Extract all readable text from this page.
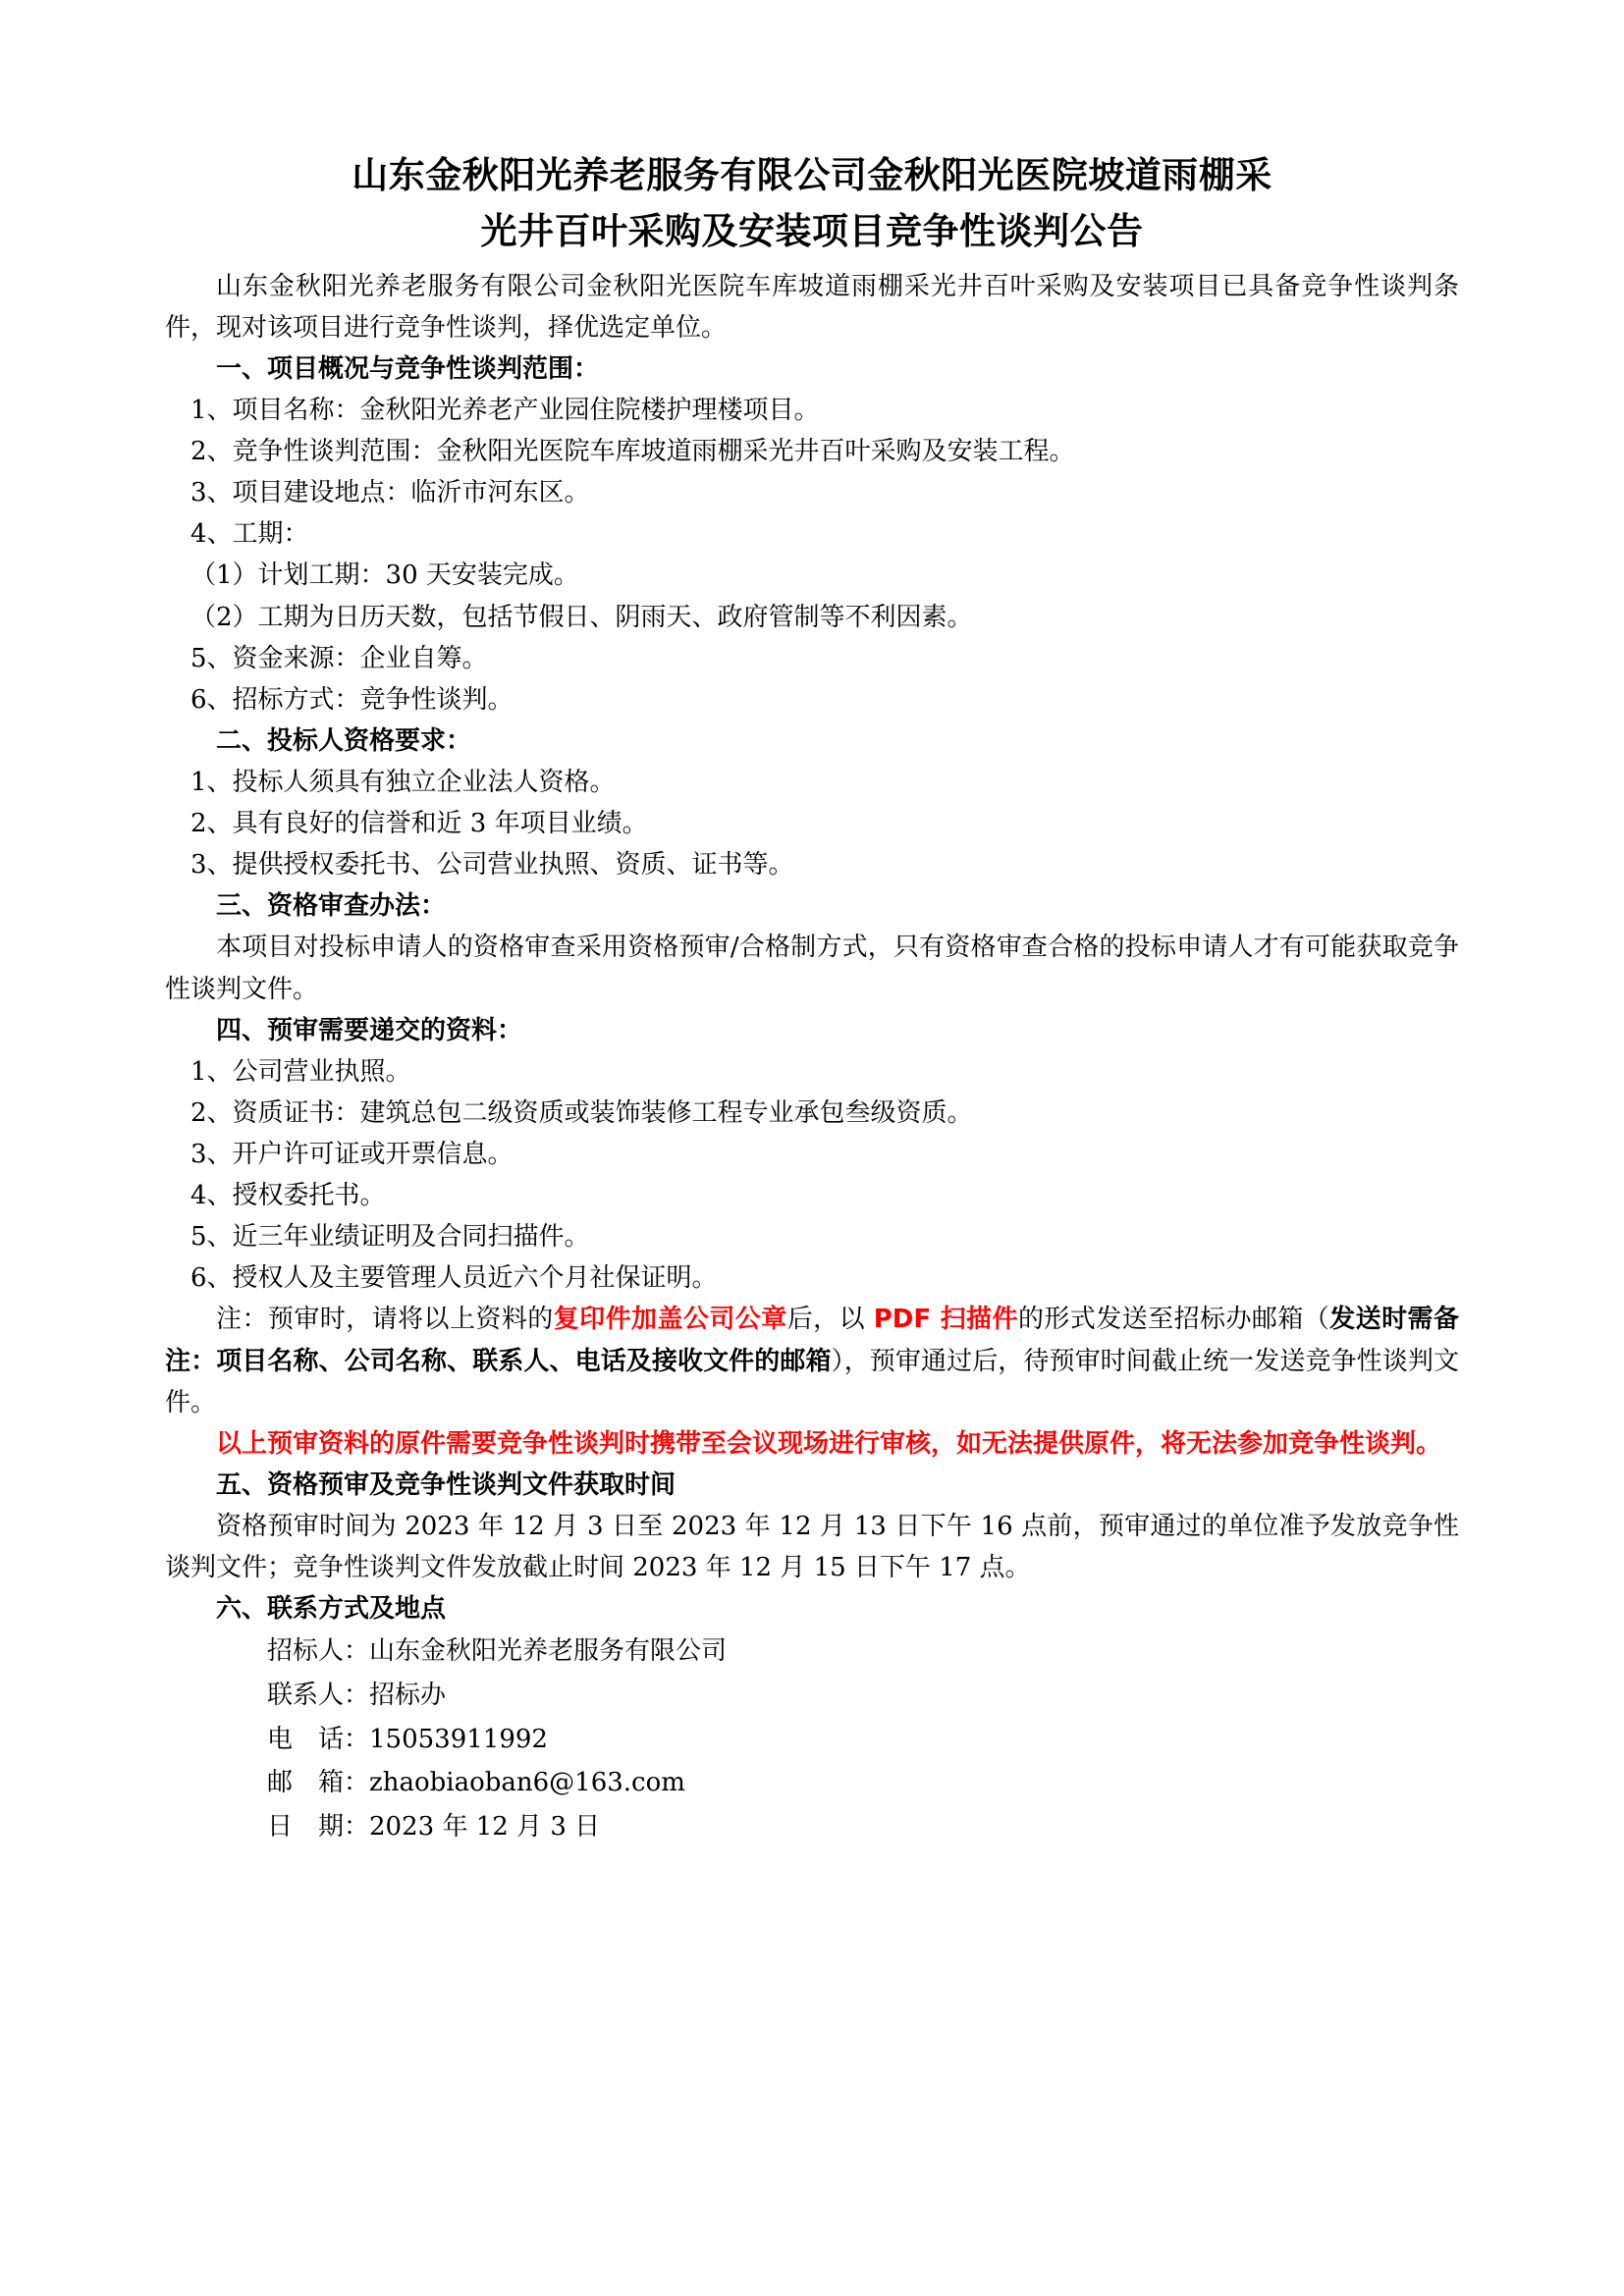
山东金秋阳光养老服务有限公司金秋阳光医院坡道雨棚采
光井百叶采购及安装项目竞争性谈判公告

山东金秋阳光养老服务有限公司金秋阳光医院车库坡道雨棚采光井百叶采购及安装项目已具备竞争性谈判条件，现对该项目进行竞争性谈判，择优选定单位。

一、项目概况与竞争性谈判范围：

1、项目名称：金秋阳光养老产业园住院楼护理楼项目。

2、竞争性谈判范围：金秋阳光医院车库坡道雨棚采光井百叶采购及安装工程。

3、项目建设地点：临沂市河东区。

4、工期：

（1）计划工期：30 天安装完成。

（2）工期为日历天数，包括节假日、阴雨天、政府管制等不利因素。

5、资金来源：企业自筹。

6、招标方式：竞争性谈判。

二、投标人资格要求：

1、投标人须具有独立企业法人资格。

2、具有良好的信誉和近 3 年项目业绩。

3、提供授权委托书、公司营业执照、资质、证书等。

三、资格审查办法：

本项目对投标申请人的资格审查采用资格预审/合格制方式，只有资格审查合格的投标申请人才有可能获取竞争性谈判文件。

四、预审需要递交的资料：

1、公司营业执照。

2、资质证书：建筑总包二级资质或装饰装修工程专业承包叁级资质。

3、开户许可证或开票信息。

4、授权委托书。

5、近三年业绩证明及合同扫描件。

6、授权人及主要管理人员近六个月社保证明。

注：预审时，请将以上资料的复印件加盖公司公章后，以 PDF 扫描件的形式发送至招标办邮箱（发送时需备注：项目名称、公司名称、联系人、电话及接收文件的邮箱），预审通过后，待预审时间截止统一发送竞争性谈判文件。

以上预审资料的原件需要竞争性谈判时携带至会议现场进行审核，如无法提供原件，将无法参加竞争性谈判。

五、资格预审及竞争性谈判文件获取时间

资格预审时间为 2023 年 12 月 3 日至 2023 年 12 月 13 日下午 16 点前，预审通过的单位准予发放竞争性谈判文件；竞争性谈判文件发放截止时间 2023 年 12 月 15 日下午 17 点。

六、联系方式及地点

招标人：山东金秋阳光养老服务有限公司

联系人：招标办

电　话：15053911992

邮　箱：zhaobiaoban6@163.com

日　期：2023 年 12 月 3 日
